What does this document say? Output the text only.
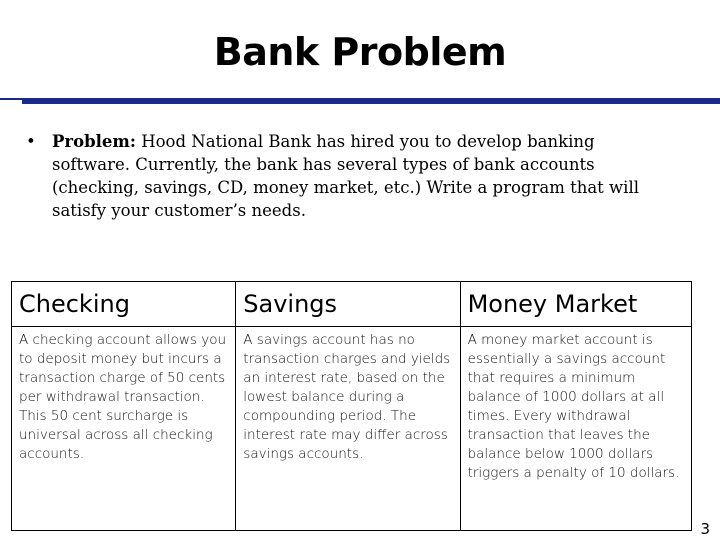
Bank Problem
• Problem: Hood National Bank has hired you to develop banking software. Currently, the bank has several types of bank accounts (checking, savings, CD, money market, etc.) Write a program that will satisfy your customer’s needs.
Checking	Savings	Money Market
A checking account allows you to deposit money but incurs a transaction charge of 50 cents per withdrawal transaction. This 50 cent surcharge is universal across all checking accounts.	A savings account has no transaction charges and yields an interest rate, based on the lowest balance during a compounding period. The interest rate may differ across savings accounts.	A money market account is essentially a savings account that requires a minimum balance of 1000 dollars at all times. Every withdrawal transaction that leaves the balance below 1000 dollars triggers a penalty of 10 dollars.
3
